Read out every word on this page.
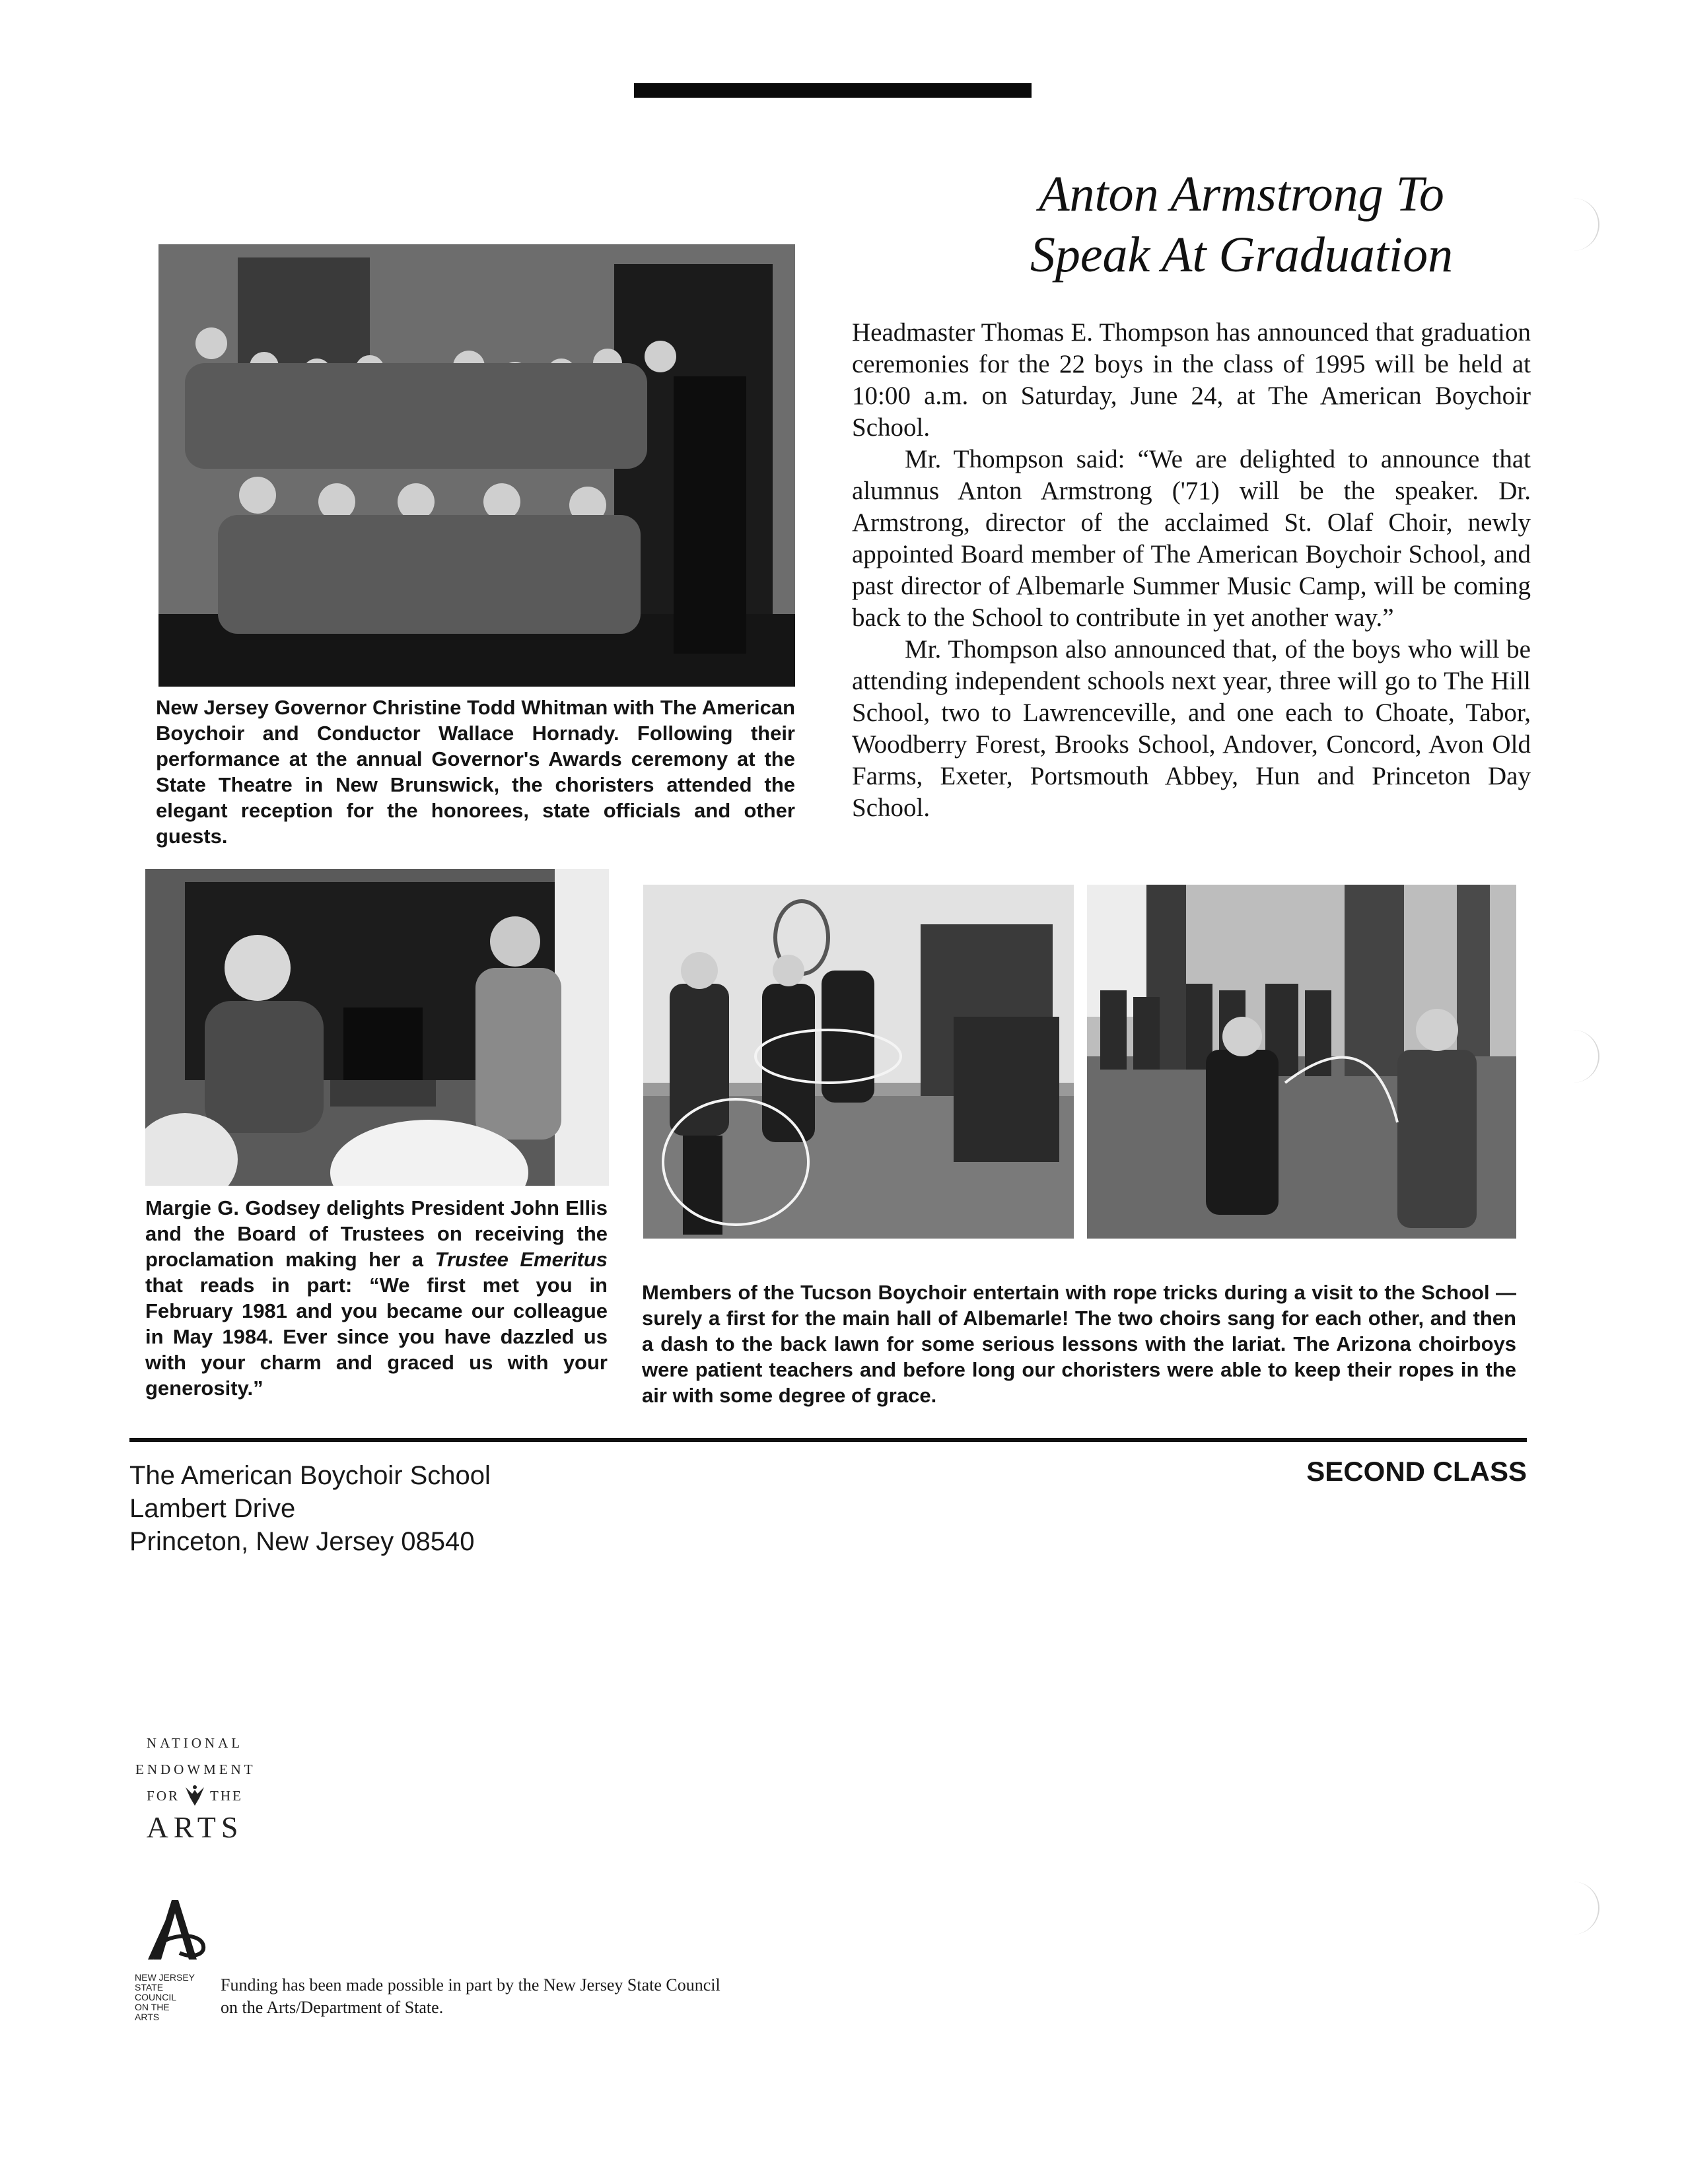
New Jersey Governor Christine Todd Whitman with The American Boychoir and Conductor Wallace Hornady. Following their performance at the annual Governor's Awards ceremony at the State Theatre in New Brunswick, the choristers attended the elegant reception for the honorees, state officials and other guests.
Anton Armstrong To
Speak At Graduation

Headmaster Thomas E. Thompson has announced that graduation ceremonies for the 22 boys in the class of 1995 will be held at 10:00 a.m. on Saturday, June 24, at The American Boychoir School.

Mr. Thompson said: “We are delighted to announce that alumnus Anton Armstrong ('71) will be the speaker. Dr. Armstrong, director of the acclaimed St. Olaf Choir, newly appointed Board member of The American Boychoir School, and past director of Albemarle Summer Music Camp, will be coming back to the School to contribute in yet another way.”

Mr. Thompson also announced that, of the boys who will be attending independent schools next year, three will go to The Hill School, two to Lawrenceville, and one each to Choate, Tabor, Woodberry Forest, Brooks School, Andover, Concord, Avon Old Farms, Exeter, Portsmouth Abbey, Hun and Princeton Day School.

Margie G. Godsey delights President John Ellis and the Board of Trustees on receiving the proclamation making her a Trustee Emeritus that reads in part: “We first met you in February 1981 and you became our colleague in May 1984. Ever since you have dazzled us with your charm and graced us with your generosity.”
Members of the Tucson Boychoir entertain with rope tricks during a visit to the School — surely a first for the main hall of Albemarle! The two choirs sang for each other, and then a dash to the back lawn for some serious lessons with the lariat. The Arizona choirboys were patient teachers and before long our choristers were able to keep their ropes in the air with some degree of grace.
The American Boychoir School
Lambert Drive
Princeton, New Jersey 08540
SECOND CLASS
NATIONAL
ENDOWMENT
FOR THE
ARTS
NEW JERSEY
STATE
COUNCIL
ON THE
ARTS
Funding has been made possible in part by the New Jersey State Council
on the Arts/Department of State.
